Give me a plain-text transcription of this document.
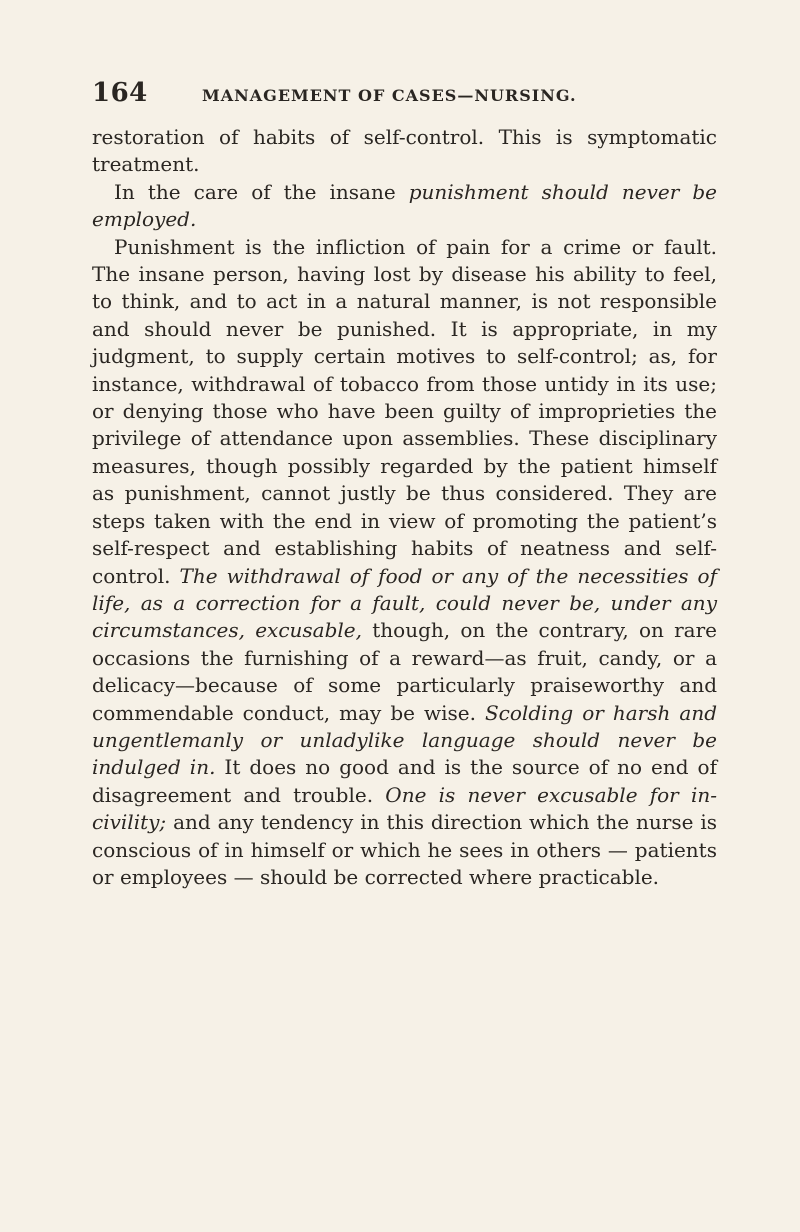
164	MANAGEMENT OF CASES—NURSING.

restoration of habits of self-control. This is symptomatic treatment.

In the care of the insane punishment should never be employed.

Punishment is the infliction of pain for a crime or fault. The insane person, having lost by disease his ability to feel, to think, and to act in a natural manner, is not responsible and should never be punished. It is appropriate, in my judgment, to supply certain motives to self-control; as, for instance, withdrawal of tobacco from those untidy in its use; or denying those who have been guilty of improprieties the privilege of attendance upon assemblies. These disciplinary measures, though possibly regarded by the patient himself as punishment, cannot justly be thus considered. They are steps taken with the end in view of promoting the patient’s self-respect and establishing habits of neatness and self-control. The withdrawal of food or any of the necessities of life, as a correction for a fault, could never be, under any circumstances, excusable, though, on the contrary, on rare occasions the furnishing of a reward—as fruit, candy, or a delicacy—because of some particularly praiseworthy and commendable conduct, may be wise. Scolding or harsh and ungentlemanly or unladylike language should never be indulged in. It does no good and is the source of no end of disagreement and trouble. One is never excusable for incivility; and any tendency in this direction which the nurse is conscious of in himself or which he sees in others — patients or employees — should be corrected where practicable.
